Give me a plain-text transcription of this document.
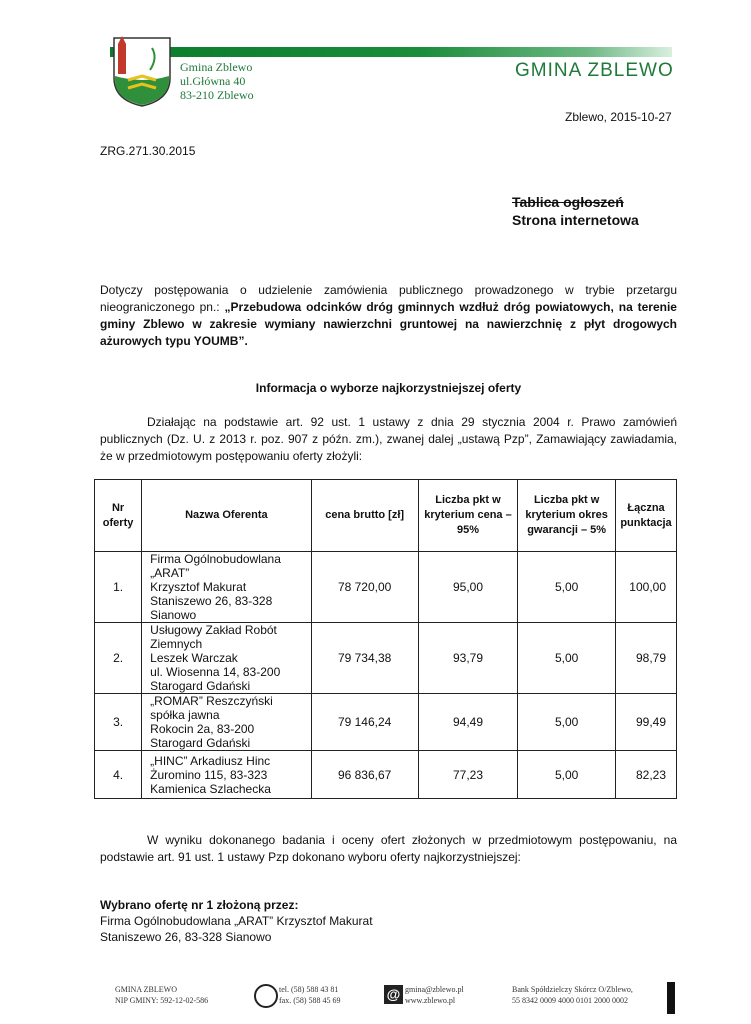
Gmina Zblewo
ul.Główna 40
83-210 Zblewo
GMINA ZBLEWO
Zblewo, 2015-10-27
ZRG.271.30.2015
Tablica ogłoszeń
Strona internetowa
Dotyczy postępowania o udzielenie zamówienia publicznego prowadzonego w trybie przetargu nieograniczonego pn.: „Przebudowa odcinków dróg gminnych wzdłuż dróg powiatowych, na terenie gminy Zblewo w zakresie wymiany nawierzchni gruntowej na nawierzchnię z płyt drogowych ażurowych typu YOUMB”.
Informacja o wyborze najkorzystniejszej oferty
Działając na podstawie art. 92 ust. 1 ustawy z dnia 29 stycznia 2004 r. Prawo zamówień publicznych (Dz. U. z 2013 r. poz. 907 z późn. zm.), zwanej dalej „ustawą Pzp”, Zamawiający zawiadamia, że w przedmiotowym postępowaniu oferty złożyli:
Nr oferty	Nazwa Oferenta	cena brutto [zł]	Liczba pkt w kryterium cena – 95%	Liczba pkt w kryterium okres gwarancji – 5%	Łączna punktacja
1.	Firma Ogólnobudowlana
„ARAT”
Krzysztof Makurat
Staniszewo 26, 83-328
Sianowo	78 720,00	95,00	5,00	100,00
2.	Usługowy Zakład Robót
Ziemnych
Leszek Warczak
ul. Wiosenna 14, 83-200
Starogard Gdański	79 734,38	93,79	5,00	98,79
3.	„ROMAR” Reszczyński
spółka jawna
Rokocin 2a, 83-200
Starogard Gdański	79 146,24	94,49	5,00	99,49
4.	„HINC” Arkadiusz Hinc
Żuromino 115, 83-323
Kamienica Szlachecka	96 836,67	77,23	5,00	82,23
W wyniku dokonanego badania i oceny ofert złożonych w przedmiotowym postępowaniu, na podstawie art. 91 ust. 1 ustawy Pzp dokonano wyboru oferty najkorzystniejszej:
Wybrano ofertę nr 1 złożoną przez:
Firma Ogólnobudowlana „ARAT” Krzysztof Makurat
Staniszewo 26, 83-328 Sianowo
GMINA ZBLEWO
NIP GMINY: 592-12-02-586
tel. (58) 588 43 81
fax. (58) 588 45 69	@ gmina@zblewo.pl
www.zblewo.pl
Bank Spółdzielczy Skórcz O/Zblewo,
55 8342 0009 4000 0101 2000 0002
